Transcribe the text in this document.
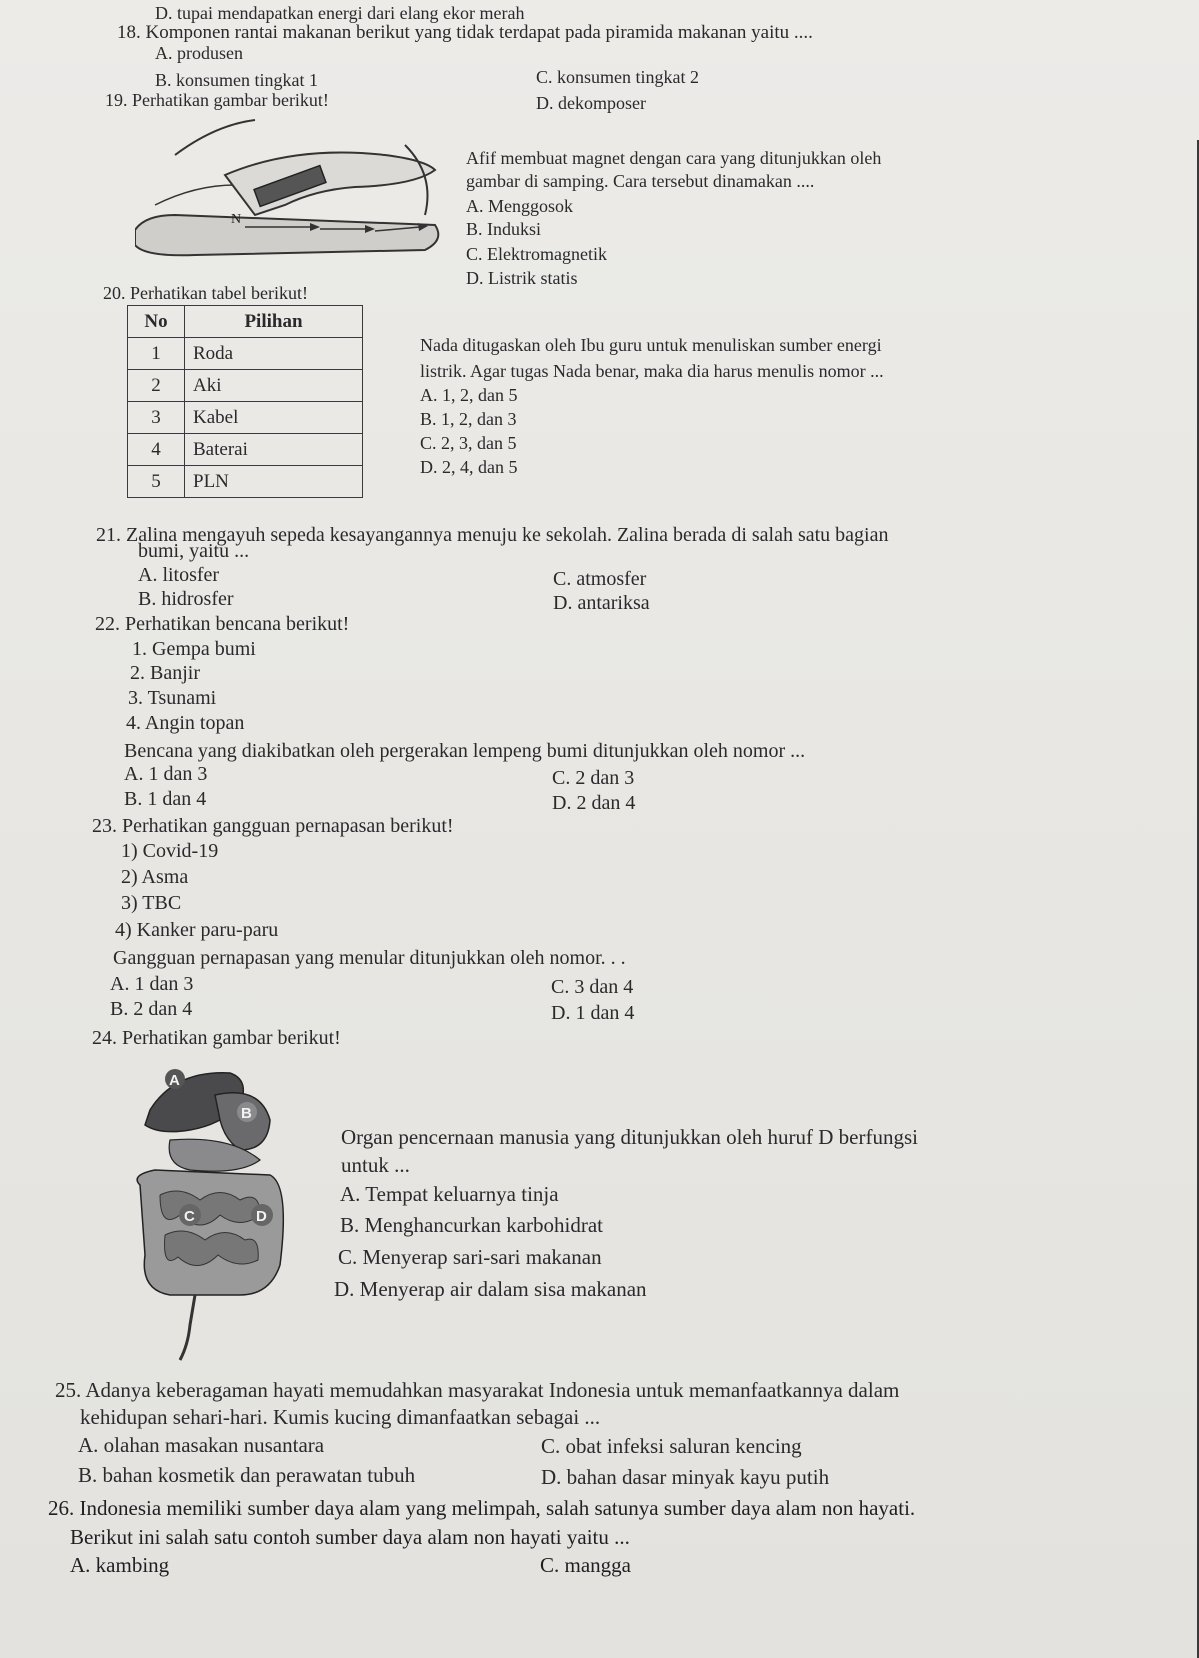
D. tupai mendapatkan energi dari elang ekor merah
18. Komponen rantai makanan berikut yang tidak terdapat pada piramida makanan yaitu ....
A. produsen
B. konsumen tingkat 1	C. konsumen tingkat 2
D. dekomposer
19. Perhatikan gambar berikut!
N
Afif membuat magnet dengan cara yang ditunjukkan oleh
gambar di samping. Cara tersebut dinamakan ....
A. Menggosok
B. Induksi
C. Elektromagnetik
D. Listrik statis
20. Perhatikan tabel berikut!
No	Pilihan
1	Roda
2	Aki
3	Kabel
4	Baterai
5	PLN
Nada ditugaskan oleh Ibu guru untuk menuliskan sumber energi
listrik. Agar tugas Nada benar, maka dia harus menulis nomor ...
A. 1, 2, dan 5
B. 1, 2, dan 3
C. 2, 3, dan 5
D. 2, 4, dan 5
21. Zalina mengayuh sepeda kesayangannya menuju ke sekolah. Zalina berada di salah satu bagian
bumi, yaitu ...
A. litosfer
B. hidrosfer
C. atmosfer
D. antariksa
22. Perhatikan bencana berikut!
1. Gempa bumi
2. Banjir
3. Tsunami
4. Angin topan
Bencana yang diakibatkan oleh pergerakan lempeng bumi ditunjukkan oleh nomor ...
A. 1 dan 3
B. 1 dan 4
C. 2 dan 3
D. 2 dan 4
23. Perhatikan gangguan pernapasan berikut!
1) Covid-19
2) Asma
3) TBC
4) Kanker paru-paru
Gangguan pernapasan yang menular ditunjukkan oleh nomor. . .
A. 1 dan 3
B. 2 dan 4
C. 3 dan 4
D. 1 dan 4
24. Perhatikan gambar berikut!
A
B
C	D
Organ pencernaan manusia yang ditunjukkan oleh huruf D berfungsi
untuk ...
A. Tempat keluarnya tinja
B. Menghancurkan karbohidrat
C. Menyerap sari-sari makanan
D. Menyerap air dalam sisa makanan
25. Adanya keberagaman hayati memudahkan masyarakat Indonesia untuk memanfaatkannya dalam
kehidupan sehari-hari. Kumis kucing dimanfaatkan sebagai ...
A. olahan masakan nusantara
B. bahan kosmetik dan perawatan tubuh
C. obat infeksi saluran kencing
D. bahan dasar minyak kayu putih
26. Indonesia memiliki sumber daya alam yang melimpah, salah satunya sumber daya alam non hayati.
Berikut ini salah satu contoh sumber daya alam non hayati yaitu ...
A. kambing	C. mangga
